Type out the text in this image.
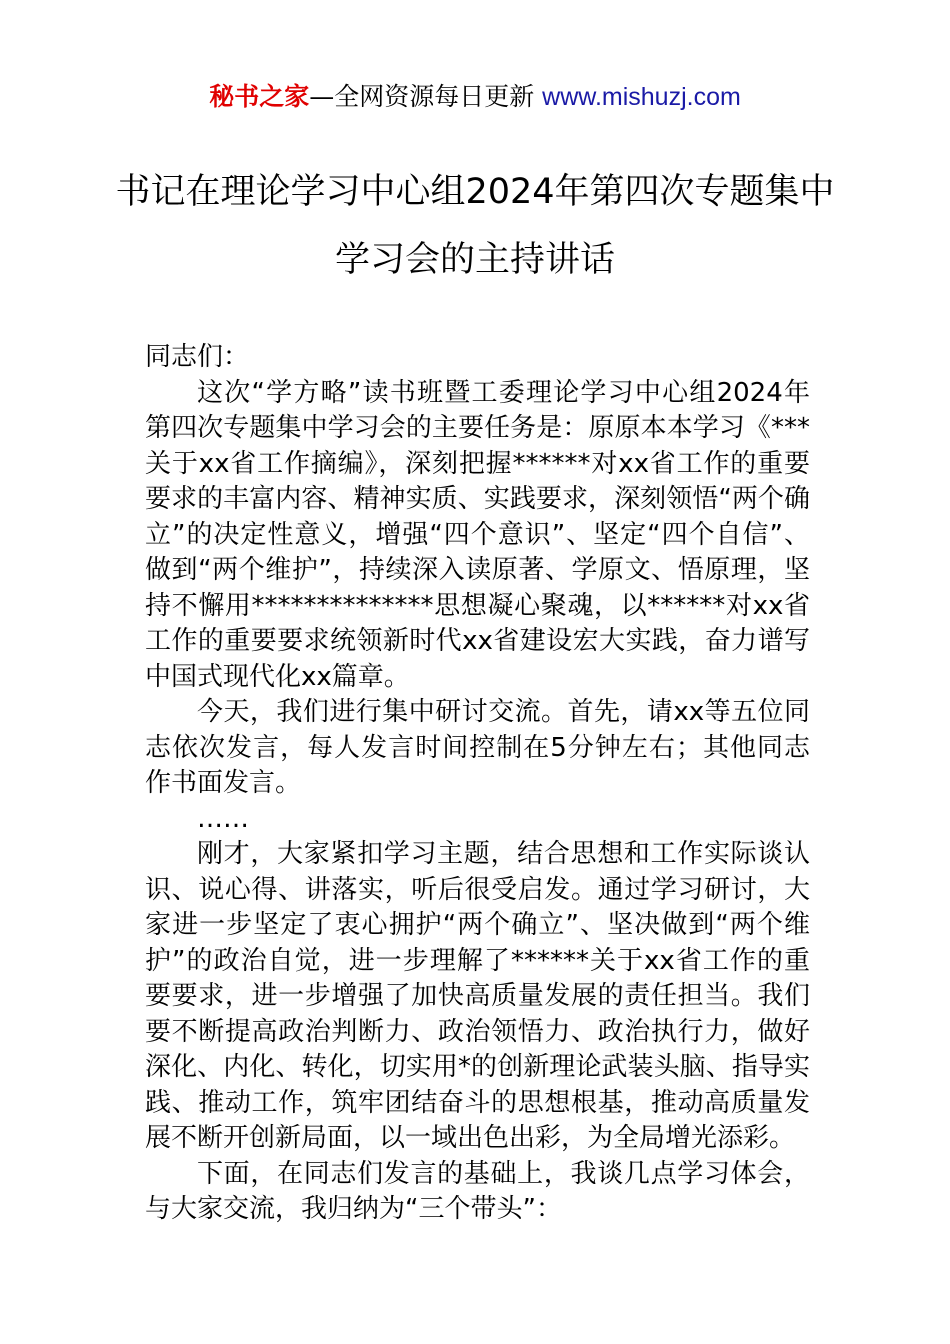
秘书之家—全网资源每日更新 www.mishuzj.com
书记在理论学习中心组2024年第四次专题集中学习会的主持讲话

同志们：

这次“学方略”读书班暨工委理论学习中心组2024年第四次专题集中学习会的主要任务是：原原本本学习《***关于xx省工作摘编》，深刻把握******对xx省工作的重要要求的丰富内容、精神实质、实践要求，深刻领悟“两个确立”的决定性意义，增强“四个意识”、坚定“四个自信”、做到“两个维护”，持续深入读原著、学原文、悟原理，坚持不懈用**************思想凝心聚魂，以******对xx省工作的重要要求统领新时代xx省建设宏大实践，奋力谱写中国式现代化xx篇章。

今天，我们进行集中研讨交流。首先，请xx等五位同志依次发言，每人发言时间控制在5分钟左右；其他同志作书面发言。

……

刚才，大家紧扣学习主题，结合思想和工作实际谈认识、说心得、讲落实，听后很受启发。通过学习研讨，大家进一步坚定了衷心拥护“两个确立”、坚决做到“两个维护”的政治自觉，进一步理解了******关于xx省工作的重要要求，进一步增强了加快高质量发展的责任担当。我们要不断提高政治判断力、政治领悟力、政治执行力，做好深化、内化、转化，切实用*的创新理论武装头脑、指导实践、推动工作，筑牢团结奋斗的思想根基，推动高质量发展不断开创新局面，以一域出色出彩，为全局增光添彩。

下面，在同志们发言的基础上，我谈几点学习体会，与大家交流，我归纳为“三个带头”：
